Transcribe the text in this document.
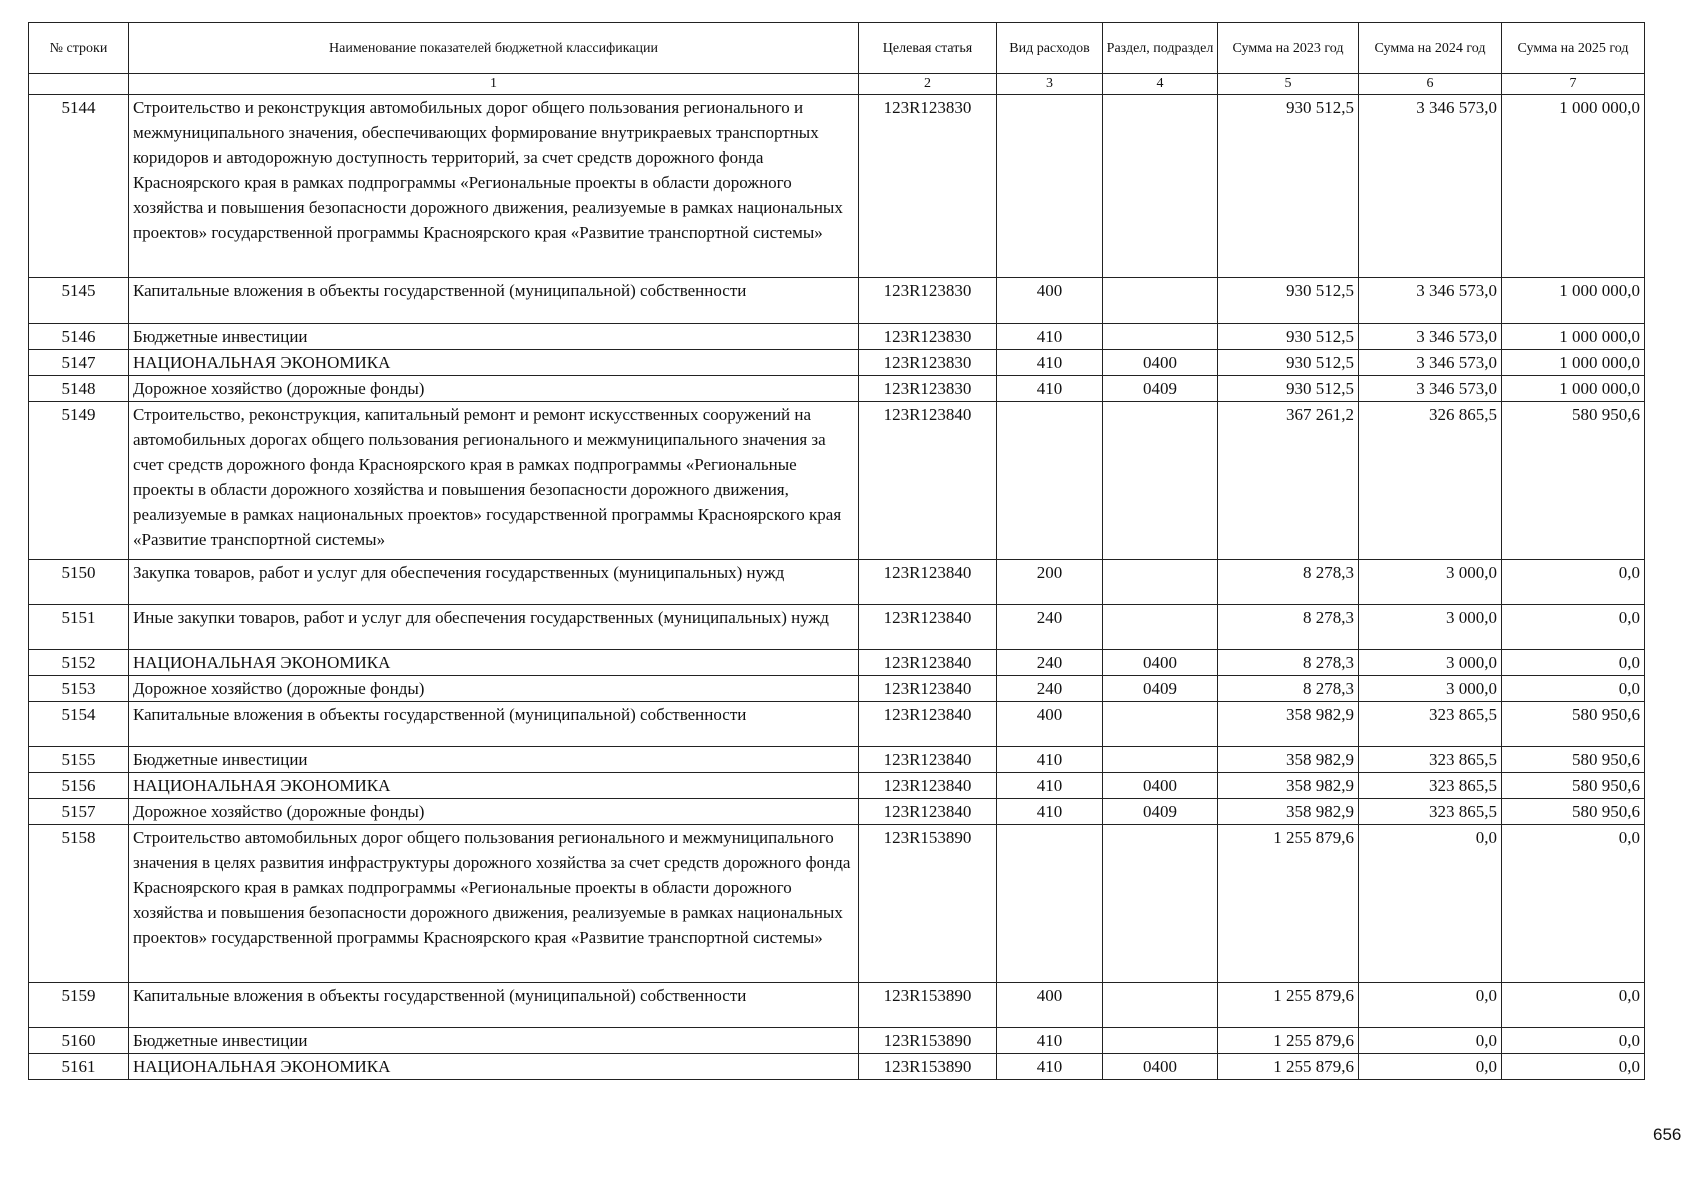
№ строки	Наименование показателей бюджетной классификации	Целевая статья	Вид расходов	Раздел, подраздел	Сумма на 2023 год	Сумма на 2024 год	Сумма на 2025 год
	1	2	3	4	5	6	7
5144	Строительство и реконструкция автомобильных дорог общего пользования регионального и межмуниципального значения, обеспечивающих формирование внутрикраевых транспортных коридоров и автодорожную доступность территорий, за счет средств дорожного фонда Красноярского края в рамках подпрограммы «Региональные проекты в области дорожного хозяйства и повышения безопасности дорожного движения, реализуемые в рамках национальных проектов» государственной программы Красноярского края «Развитие транспортной системы»	123R123830			930 512,5	3 346 573,0	1 000 000,0
5145	Капитальные вложения в объекты государственной (муниципальной) собственности	123R123830	400		930 512,5	3 346 573,0	1 000 000,0
5146	Бюджетные инвестиции	123R123830	410		930 512,5	3 346 573,0	1 000 000,0
5147	НАЦИОНАЛЬНАЯ ЭКОНОМИКА	123R123830	410	0400	930 512,5	3 346 573,0	1 000 000,0
5148	Дорожное хозяйство (дорожные фонды)	123R123830	410	0409	930 512,5	3 346 573,0	1 000 000,0
5149	Строительство, реконструкция, капитальный ремонт и ремонт искусственных сооружений на автомобильных дорогах общего пользования регионального и межмуниципального значения за счет средств дорожного фонда Красноярского края в рамках подпрограммы «Региональные проекты в области дорожного хозяйства и повышения безопасности дорожного движения, реализуемые в рамках национальных проектов» государственной программы Красноярского края «Развитие транспортной системы»	123R123840			367 261,2	326 865,5	580 950,6
5150	Закупка товаров, работ и услуг для обеспечения государственных (муниципальных) нужд	123R123840	200		8 278,3	3 000,0	0,0
5151	Иные закупки товаров, работ и услуг для обеспечения государственных (муниципальных) нужд	123R123840	240		8 278,3	3 000,0	0,0
5152	НАЦИОНАЛЬНАЯ ЭКОНОМИКА	123R123840	240	0400	8 278,3	3 000,0	0,0
5153	Дорожное хозяйство (дорожные фонды)	123R123840	240	0409	8 278,3	3 000,0	0,0
5154	Капитальные вложения в объекты государственной (муниципальной) собственности	123R123840	400		358 982,9	323 865,5	580 950,6
5155	Бюджетные инвестиции	123R123840	410		358 982,9	323 865,5	580 950,6
5156	НАЦИОНАЛЬНАЯ ЭКОНОМИКА	123R123840	410	0400	358 982,9	323 865,5	580 950,6
5157	Дорожное хозяйство (дорожные фонды)	123R123840	410	0409	358 982,9	323 865,5	580 950,6
5158	Строительство автомобильных дорог общего пользования регионального и межмуниципального значения в целях развития инфраструктуры дорожного хозяйства за счет средств дорожного фонда Красноярского края в рамках подпрограммы «Региональные проекты в области дорожного хозяйства и повышения безопасности дорожного движения, реализуемые в рамках национальных проектов» государственной программы Красноярского края «Развитие транспортной системы»	123R153890			1 255 879,6	0,0	0,0
5159	Капитальные вложения в объекты государственной (муниципальной) собственности	123R153890	400		1 255 879,6	0,0	0,0
5160	Бюджетные инвестиции	123R153890	410		1 255 879,6	0,0	0,0
5161	НАЦИОНАЛЬНАЯ ЭКОНОМИКА	123R153890	410	0400	1 255 879,6	0,0	0,0
656
